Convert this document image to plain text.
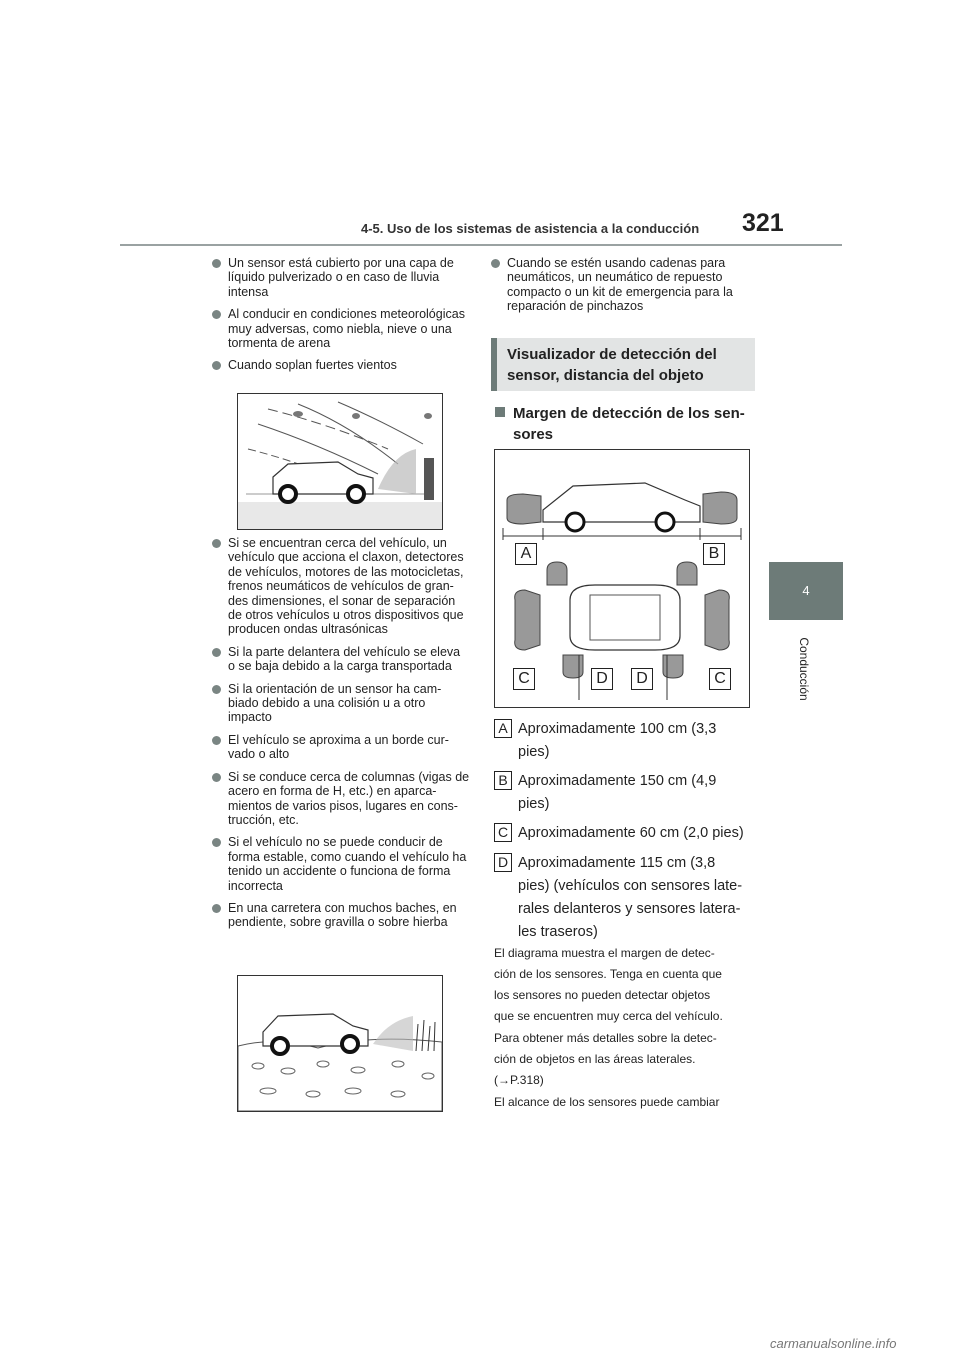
4-5. Uso de los sistemas de asistencia a la conducción 321
4
Conducción
Un sensor está cubierto por una capa de líquido pulverizado o en caso de lluvia intensa
Al conducir en condiciones meteorológicas muy adversas, como niebla, nieve o una tormenta de arena
Cuando soplan fuertes vientos
Si se encuentran cerca del vehículo, un vehículo que acciona el claxon, detectores de vehículos, motores de las motocicletas, frenos neumáticos de vehículos de gran- des dimensiones, el sonar de separación de otros vehículos u otros dispositivos que producen ondas ultrasónicas
Si la parte delantera del vehículo se eleva o se baja debido a la carga transportada
Si la orientación de un sensor ha cam- biado debido a una colisión u a otro impacto
El vehículo se aproxima a un borde cur- vado o alto
Si se conduce cerca de columnas (vigas de acero en forma de H, etc.) en aparca- mientos de varios pisos, lugares en cons- trucción, etc.
Si el vehículo no se puede conducir de forma estable, como cuando el vehículo ha tenido un accidente o funciona de forma incorrecta
En una carretera con muchos baches, en pendiente, sobre gravilla o sobre hierba
Cuando se estén usando cadenas para neumáticos, un neumático de repuesto compacto o un kit de emergencia para la reparación de pinchazos
Visualizador de detección del
sensor, distancia del objeto
Margen de detección de los sen-
sores
A	B
C	D	D	C
A Aproximadamente 100 cm (3,3
pies)
B Aproximadamente 150 cm (4,9
pies)
C Aproximadamente 60 cm (2,0 pies)
D Aproximadamente 115 cm (3,8
pies) (vehículos con sensores late-
rales delanteros y sensores latera-
les traseros)
El diagrama muestra el margen de detec-
ción de los sensores. Tenga en cuenta que
los sensores no pueden detectar objetos
que se encuentren muy cerca del vehículo.
Para obtener más detalles sobre la detec-
ción de objetos en las áreas laterales.
(→P.318)
El alcance de los sensores puede cambiar
carmanualsonline.info
